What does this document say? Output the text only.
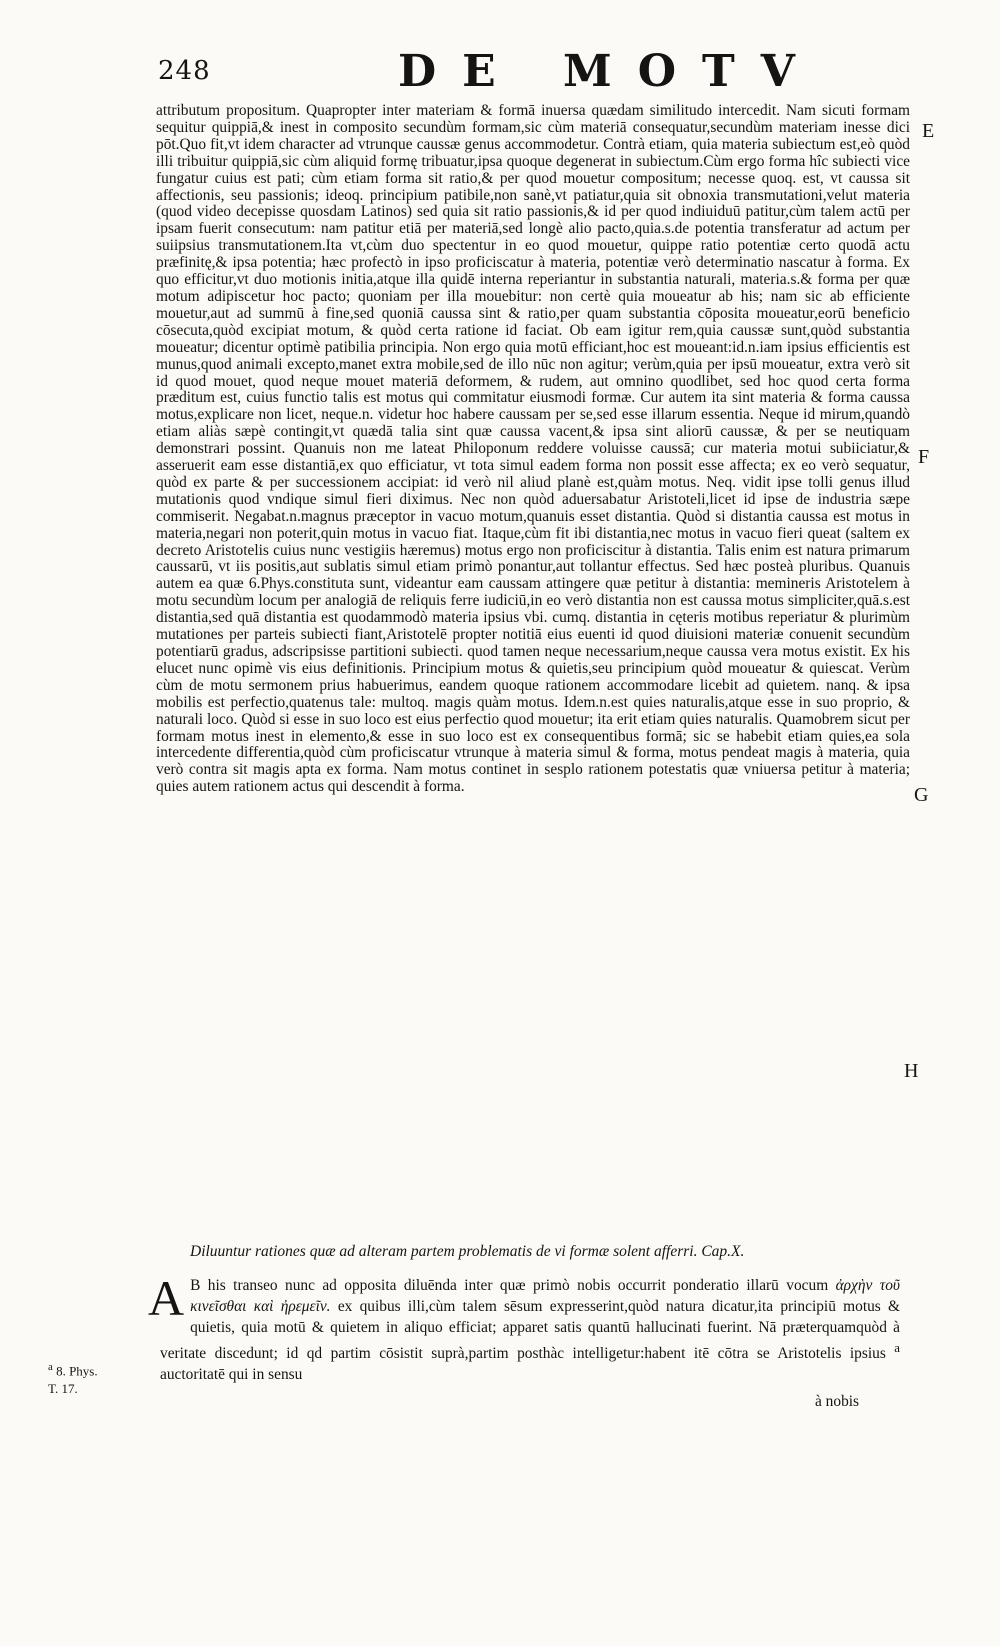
248	DE MOTV

attributum propositum. Quapropter inter materiam & formā inuersa quædam similitudo intercedit. Nam sicuti formam sequitur quippiā,& inest in composito secundùm formam,sic cùm materiā consequatur,secundùm materiam inesse dici pōt.Quo fit,vt idem character ad vtrunque caussæ genus accommodetur. Contrà etiam, quia materia subiectum est,eò quòd illi tribuitur quippiā,sic cùm aliquid formę tribuatur,ipsa quoque degenerat in subiectum.Cùm ergo forma hîc subiecti vice fungatur cuius est pati; cùm etiam forma sit ratio,& per quod mouetur compositum; necesse quoq. est, vt caussa sit affectionis, seu passionis; ideoq. principium patibile,non sanè,vt patiatur,quia sit obnoxia transmutationi,velut materia (quod video decepisse quosdam Latinos) sed quia sit ratio passionis,& id per quod indiuiduū patitur,cùm talem actū per ipsam fuerit consecutum: nam patitur etiā per materiā,sed longè alio pacto,quia.s.de potentia transferatur ad actum per suiipsius transmutationem.Ita vt,cùm duo spectentur in eo quod mouetur, quippe ratio potentiæ certo quodā actu præfinitę,& ipsa potentia; hæc profectò in ipso proficiscatur à materia, potentiæ verò determinatio nascatur à forma. Ex quo efficitur,vt duo motionis initia,atque illa quidē interna reperiantur in substantia naturali, materia.s.& forma per quæ motum adipiscetur hoc pacto; quoniam per illa mouebitur: non certè quia moueatur ab his; nam sic ab efficiente mouetur,aut ad summū à fine,sed quoniā caussa sint & ratio,per quam substantia cōposita moueatur,eorū beneficio cōsecuta,quòd excipiat motum, & quòd certa ratione id faciat. Ob eam igitur rem,quia caussæ sunt,quòd substantia moueatur; dicentur optimè patibilia principia. Non ergo quia motū efficiant,hoc est moueant:id.n.iam ipsius efficientis est munus,quod animali excepto,manet extra mobile,sed de illo nūc non agitur; verùm,quia per ipsū moueatur, extra verò sit id quod mouet, quod neque mouet materiā deformem, & rudem, aut omnino quodlibet, sed hoc quod certa forma præditum est, cuius functio talis est motus qui commitatur eiusmodi formæ. Cur autem ita sint materia & forma caussa motus,explicare non licet, neque.n. videtur hoc habere caussam per se,sed esse illarum essentia. Neque id mirum,quandò etiam aliàs sæpè contingit,vt quædā talia sint quæ caussa vacent,& ipsa sint aliorū caussæ, & per se neutiquam demonstrari possint. Quanuis non me lateat Philoponum reddere voluisse caussā; cur materia motui subiiciatur,& asseruerit eam esse distantiā,ex quo efficiatur, vt tota simul eadem forma non possit esse affecta; ex eo verò sequatur, quòd ex parte & per successionem accipiat: id verò nil aliud planè est,quàm motus. Neq. vidit ipse tolli genus illud mutationis quod vndique simul fieri diximus. Nec non quòd aduersabatur Aristoteli,licet id ipse de industria sæpe commiserit. Negabat.n.magnus præceptor in vacuo motum,quanuis esset distantia. Quòd si distantia caussa est motus in materia,negari non poterit,quin motus in vacuo fiat. Itaque,cùm fit ibi distantia,nec motus in vacuo fieri queat (saltem ex decreto Aristotelis cuius nunc vestigiis hæremus) motus ergo non proficiscitur à distantia. Talis enim est natura primarum caussarū, vt iis positis,aut sublatis simul etiam primò ponantur,aut tollantur effectus. Sed hæc posteà pluribus. Quanuis autem ea quæ 6.Phys.constituta sunt, videantur eam caussam attingere quæ petitur à distantia: memineris Aristotelem à motu secundùm locum per analogiā de reliquis ferre iudiciū,in eo verò distantia non est caussa motus simpliciter,quā.s.est distantia,sed quā distantia est quodammodò materia ipsius vbi. cumq. distantia in cęteris motibus reperiatur & plurimùm mutationes per parteis subiecti fiant,Aristotelē propter notitiā eius euenti id quod diuisioni materiæ conuenit secundùm potentiarū gradus, adscripsisse partitioni subiecti. quod tamen neque necessarium,neque caussa vera motus existit. Ex his elucet nunc opimè vis eius definitionis. Principium motus & quietis,seu principium quòd moueatur & quiescat. Verùm cùm de motu sermonem prius habuerimus, eandem quoque rationem accommodare licebit ad quietem. nanq. & ipsa mobilis est perfectio,quatenus tale: multoq. magis quàm motus. Idem.n.est quies naturalis,atque esse in suo proprio, & naturali loco. Quòd si esse in suo loco est eius perfectio quod mouetur; ita erit etiam quies naturalis. Quamobrem sicut per formam motus inest in elemento,& esse in suo loco est ex consequentibus formā; sic se habebit etiam quies,ea sola intercedente differentia,quòd cùm proficiscatur vtrunque à materia simul & forma, motus pendeat magis à materia, quia verò contra sit magis apta ex forma. Nam motus continet in sesplo rationem potestatis quæ vniuersa petitur à materia; quies autem rationem actus qui descendit à forma.

Diluuntur rationes quæ ad alteram partem problematis de vi formæ solent afferri. Cap.X.
A B his transeo nunc ad opposita diluēnda inter quæ primò nobis occurrit ponderatio illarū vocum ἀρχὴν τοῦ κινεῖσθαι καὶ ἠρεμεῖν. ex quibus illi,cùm talem sēsum expresserint,quòd natura dicatur,ita principiū motus & quietis, quia motū & quietem in aliquo efficiat; apparet satis quantū hallucinati fuerint. Nā præterquamquòd à veritate discedunt; id qd partim cōsistit suprà,partim posthàc intelligetur:habent itē cōtra se Aristotelis ipsius $^a$ auctoritatē qui in sensu
à nobis
E
F
G
H
$^a$ 8. Phys.
T. 17.
